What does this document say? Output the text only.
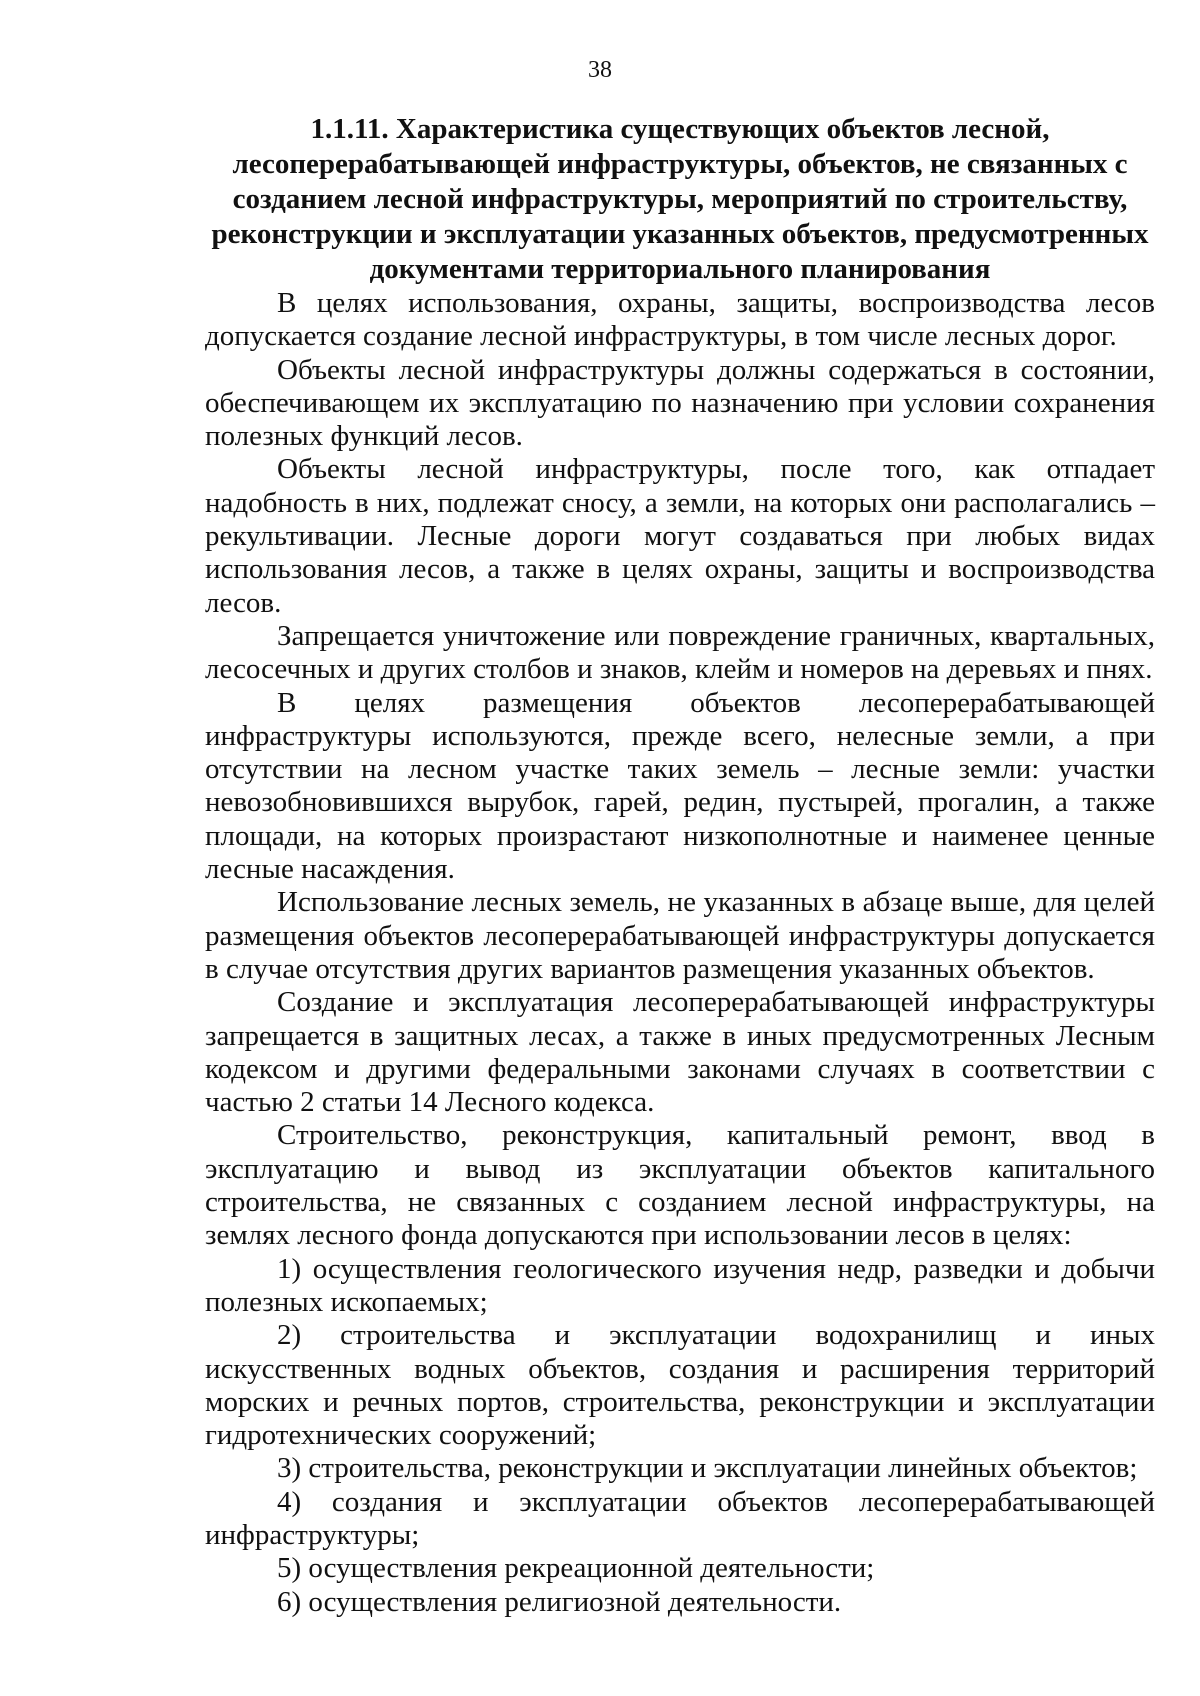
38
1.1.11. Характеристика существующих объектов лесной,
лесоперерабатывающей инфраструктуры, объектов, не связанных с
созданием лесной инфраструктуры, мероприятий по строительству,
реконструкции и эксплуатации указанных объектов, предусмотренных
документами территориального планирования

В целях использования, охраны, защиты, воспроизводства лесов допускается создание лесной инфраструктуры, в том числе лесных дорог.

Объекты лесной инфраструктуры должны содержаться в состоянии, обеспечивающем их эксплуатацию по назначению при условии сохранения полезных функций лесов.

Объекты лесной инфраструктуры, после того, как отпадает надобность в них, подлежат сносу, а земли, на которых они располагались – рекультивации. Лесные дороги могут создаваться при любых видах использования лесов, а также в целях охраны, защиты и воспроизводства лесов.

Запрещается уничтожение или повреждение граничных, квартальных, лесосечных и других столбов и знаков, клейм и номеров на деревьях и пнях.

В целях размещения объектов лесоперерабатывающей инфраструктуры используются, прежде всего, нелесные земли, а при отсутствии на лесном участке таких земель – лесные земли: участки невозобновившихся вырубок, гарей, редин, пустырей, прогалин, а также площади, на которых произрастают низкополнотные и наименее ценные лесные насаждения.

Использование лесных земель, не указанных в абзаце выше, для целей размещения объектов лесоперерабатывающей инфраструктуры допускается в случае отсутствия других вариантов размещения указанных объектов.

Создание и эксплуатация лесоперерабатывающей инфраструктуры запрещается в защитных лесах, а также в иных предусмотренных Лесным кодексом и другими федеральными законами случаях в соответствии с частью 2 статьи 14 Лесного кодекса.

Строительство, реконструкция, капитальный ремонт, ввод в эксплуатацию и вывод из эксплуатации объектов капитального строительства, не связанных с созданием лесной инфраструктуры, на землях лесного фонда допускаются при использовании лесов в целях:

1) осуществления геологического изучения недр, разведки и добычи полезных ископаемых;

2) строительства и эксплуатации водохранилищ и иных искусственных водных объектов, создания и расширения территорий морских и речных портов, строительства, реконструкции и эксплуатации гидротехнических сооружений;

3) строительства, реконструкции и эксплуатации линейных объектов;

4) создания и эксплуатации объектов лесоперерабатывающей инфраструктуры;

5) осуществления рекреационной деятельности;

6) осуществления религиозной деятельности.
